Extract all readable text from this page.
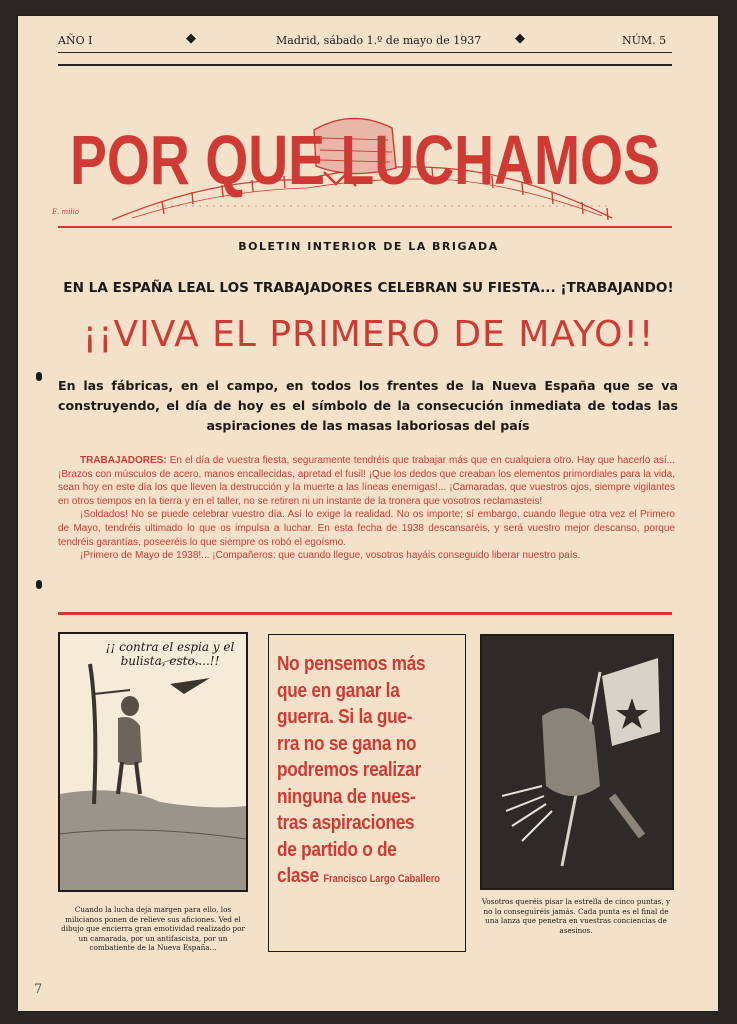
AÑO I	◆	Madrid, sábado 1.º de mayo de 1937	◆	NÚM. 5
POR QUE LUCHAMOS
E. milio
BOLETIN INTERIOR DE LA BRIGADA
EN LA ESPAÑA LEAL LOS TRABAJADORES CELEBRAN SU FIESTA... ¡TRABAJANDO!
¡¡VIVA EL PRIMERO DE MAYO!!
En las fábricas, en el campo, en todos los frentes de la Nueva España que se va construyendo, el día de hoy es el símbolo de la consecución inmediata de todas las aspiraciones de las masas laboriosas del país

TRABAJADORES: En el día de vuestra fiesta, seguramente tendréis que trabajar más que en cualquiera otro. Hay que hacerlo así... ¡Brazos con músculos de acero, manos encallecidas, apretad el fusil! ¡Que los dedos que creaban los elementos primordiales para la vida, sean hoy en este día los que lleven la destrucción y la muerte a las líneas enemigas!... ¡Camaradas, que vuestros ojos, siempre vigilantes en otros tiempos en la tierra y en el taller, no se retiren ni un instante de la tronera que vosotros reclamasteis!

¡Soldados! No se puede celebrar vuestro día. Así lo exige la realidad. No os importe; sí embargo, cuando llegue otra vez el Primero de Mayo, tendréis ultimado lo que os impulsa a luchar. En esta fecha de 1938 descansaréis, y será vuestro mejor descanso, porque tendréis garantías, poseeréis lo que siempre os robó el egoísmo.

¡Primero de Mayo de 1938!... ¡Compañeros: que cuando llegue, vosotros hayáis conseguido liberar nuestro país.

¡¡ contra el espia y el bulista, esto....!!
Cuando la lucha deja margen para ello, los milicianos ponen de relieve sus aficiones. Ved el dibujo que encierra gran emotividad realizado por un camarada, por un antifascista, por un combatiente de la Nueva España...
No pensemos más
que en ganar la
guerra. Si la gue-
rra no se gana no
podremos realizar
ninguna de nues-
tras aspiraciones
de partido o de
clase Francisco Largo Caballero
Vosotros queréis pisar la estrella de cinco puntas, y no lo conseguiréis jamás. Cada punta es el final de una lanza que penetra en vuestras conciencias de asesinos.
7
